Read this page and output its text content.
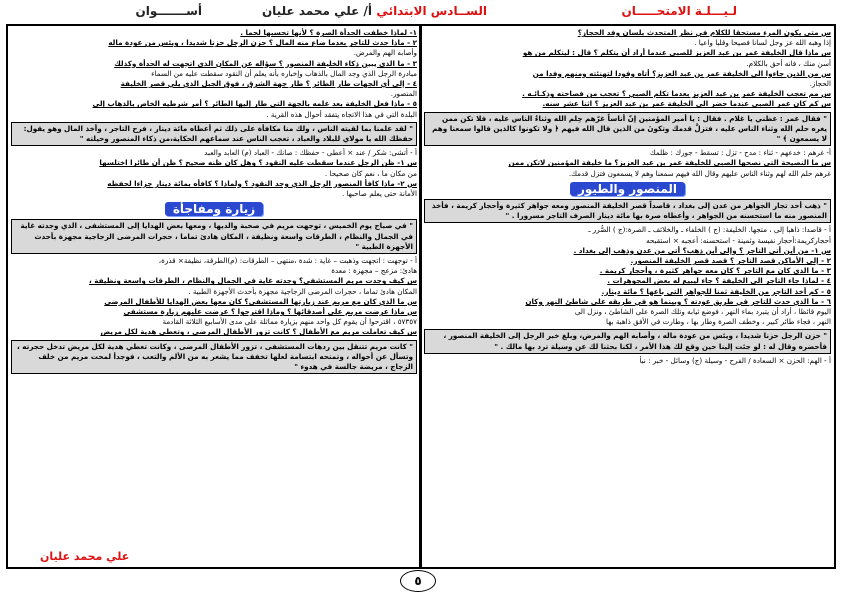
لـيـــلـة الامتحـــــان
الســادس الابتدائي
أ/ علي محمد عليان
أســـــــوان

س متى يكون المرء مستحقا للكلام في نظر المتحدث بلسان وفد الحجاز؟

إذا وهبه الله عز وجل لسانا فصيحا وقلبا واعيا .

س ماذا قال الخليفة عمر بن عبد العزيز للصبي عندما أراد أن يتكلم ؟ قال : ليتكلم من هو

أسن منك ، فانه أحق بالكلام.

س من الذين جاءوا الى الخليفة عمر بن عبد العزيز؟ أتاه وفودا لتهنئته ومنهم وفدا من

الحجاز.

س مم تعجب الخليفة عمر بن عبد العزيز بعدما تكلم الصبي ؟ تعجب من فصاحته وذكـائـه .

س كم كان عمر الصبي عندما حضر الى الخليفة عمر بن عبد العزيز ؟ اثنا عشر سنه.

" فقال عمر : عظني يا غلام . فقال : يا أمير المؤمنين إنّ أناساً غرّهم حِلم الله وثناءُ الناس عليه ، فلا تكن ممن يغره حلم الله وثناء الناس عليه ، فتزلَّ قدمك وتكونَ من الذين قال الله فيهم ﴿ ولا تكونوا كالذين قالوا سمعنا وهم لا يسمعون ﴾ "

أ- غرهم : خدعهم - ثناء : مدح - تزل : تسقط - جورك : ظلمك

س ما النصيحة التي نصحها الصبي للخليفة عمر بن عبد العزيز؟ ما خليفة المؤمنين لاتكن ممن

غرهم حلم الله لهم وثناء الناس عليهم وقال الله فيهم سمعنا وهم لا يسمعون فتزل قدمك.

المنصور والطيور

" ذهب أحد تجار الجواهر من عدن إلى بغداد ، قاصداً قصر الخليفة المنصور ومعه جواهر كثيرة وأحجار كريمة ، فأخذ المنصور منه ما استحسنه من الجواهر ، وأعطاه صرة بها مائة دينار الصرف التاجر مسرورا . "

أ - قاصدا: ذاهبا إلى ، متجها. الخليفة: (ج ) الخلفاء ـ والخلائف ـ الصرة:(ج ) الصُّرر ـ

أحجاركريمة:أحجار نفيسة وثمينة - استحسنه: أعجبه × استقبحه

س ١- من أين أتى التاجر ؟ وإلى أين ذهب؟ أتى من عدن وذهب إلى بغداد .

٢ - إلى الأماكن قصد التاجر ؟ قصد قصر الخليفة المنصور.

٣ - ما الذي كان مع التاجر ؟ كان معه جواهر كثيرة ، وأحجار كريمة .

٤ - لماذا جاء التاجر الى الخليفة ؟ جاء ليبيع له بعض المجوهرات .

٥ - كم أخذ التاجر من الخليفة ثمنا للجواهر التي باعها ؟ مائة دينار.

٦ - ما الذي حدث للتاجر في طريق عودته ؟ وبينما هو في طريقه على شاطئ النهر وكان

اليوم قائظا ، أراد أن يتبرد بماء النهر ، فوضع ثيابه وتلك الصرة على الشاطئ ، ونزل الى

النهر ، فجاء طائر كبير ، وخطف الصرة وطار بها ، وطارت في الأفق ذاهبة بها

" حزن الرجل حزنا شديدا ، ويئس من عودة ماله ، وأصابه الهم والمرض، وبلغ خبر الرجل إلى الخليفة المنصور ، فأحضره وقال له : لو جئت إلينا حين وقع لك هذا الأمر ، لكنا بحثنا لك عن وسيلة ترد بها مالك . "

أ - الهم: الحزن × السعادة / الفرح - وسيلة (ج) وسائل - خبر : نبأ

١- لماذا خطفت الحدأة الصرة ؟ لأنها تحسبها لحما .

٢ - ماذا حدث للتاجر بعدما ضاع منه المال ؟ حزن الرجل حزنا شديدا ، ويئس من عودة ماله

وأصابه الهم والمرض.

٣ - ما الذي يبين ذكاء الخليفة المنصور ؟ سؤاله عن المكان الذي اتجهت له الحدأة وكذلك

مبادرة الرجل الذي وجد المال بالذهاب وإخباره بأنه يعلم أن النقود سقطت عليه من السماء

٤ - إلى أي الجهات طار الطائر ؟ طار جهة الشرق ، فوق الجبل الذي يلي قصر الخليفة

المنصور.

٥ - ماذا فعل الخليفة بعد علمه بالجهة التي طار إليها الطائر ؟ أمر شرطيه الخاص بالذهاب إلى

البلدة التي في هذا الاتجاه يتفقد أحوال هذه القرية .

" لقد علمنا بما لقيته الناس ، ولك منا مكافأة على ذلك ثم أعطاه مائة دينار ، فرح التاجر ، وأخذ المال وهو يقول: حفظك الله يا مولاي للبلاد والعباد ، تعجب الناس عند سماعهم الحكاية،من ذكاء المنصور وحيلته "

أ - أتشى: شكر / عند × أعطى - حفظك : صانك - العباد (م) العابد والعبد

س ١- ظن الرجل عندما سقطت عليه النقود ؟ وهل كان ظنه صحيح ؟ ظن أن طائرا اختلسها

من مكان ما ، نعم كان صحيحا .

س ٢- ماذا كافأ المنصور الرجل الذي وجد النقود ؟ ولماذا ؟ كافأه بمائة دينار جزاءا لحفظه

الأمانة حتى يعلم صاحبها .

زيارة ومفاجأة

" في صباح يوم الخميس ، توجهت مريم في صحبة والديها ، ومعها بعض الهدايا إلى المستشفى ، الذي وجدته غاية في الجمال والنظام ، الطرقات واسعة ونظيفة ، المكان هادئ تماما ، حجرات المرضى الزجاجية مجهزة بأحدث الأجهزة الطبية "

أ - توجهت : اتجهت وذهبت – غاية : شدة ،منتهى – الطرقات: (م)الطرقة، نظيفة× قذرة،

هادئ: مزعج – مجهزة : معدة

س كيف وجدت مريم المستشفى؟ وجدته غاية في الجمال والنظام ، الطرقات واسعة ونظيفة ،

المكان هادئ تماما ، حجرات المرضى الزجاجية مجهزة بأحدث الأجهزة الطبية .

س ما الذي كان مع مريم عند زيارتها المستشفى؟ كان معها بعض الهدايا للأطفال المرضى

س ماذا عرضت مريم على أصدقائها ؟ وماذا اقترحوا ؟ عرضت عليهم زيارة مستشفى

٥٧٣٥٧ ، اقترحوا أن يقوم كل واحد منهم بزيارة مماثلة على مدى الأسابيع الثلاثة القادمة

س كيف تعاملت مريم مع الأطفال ؟ كانت تزور الأطفال المرضى ، وتعطي هدية لكل مريض

" كانت مريم تتنقل بين ردهات المستشفى ، تزور الأطفال المرضى ، وكانت تعطي هدية لكل مريض تدخل حجرته ، وتسأل عن أحواله ، وتمنحه ابتسامة لعلها تخفف مما يشعر به من الألم والتعب ، فوجدأ لمحت مريم من خلف الزجاج ، مريضة جالسة في هدوء "

علي محمد عليان
٥
